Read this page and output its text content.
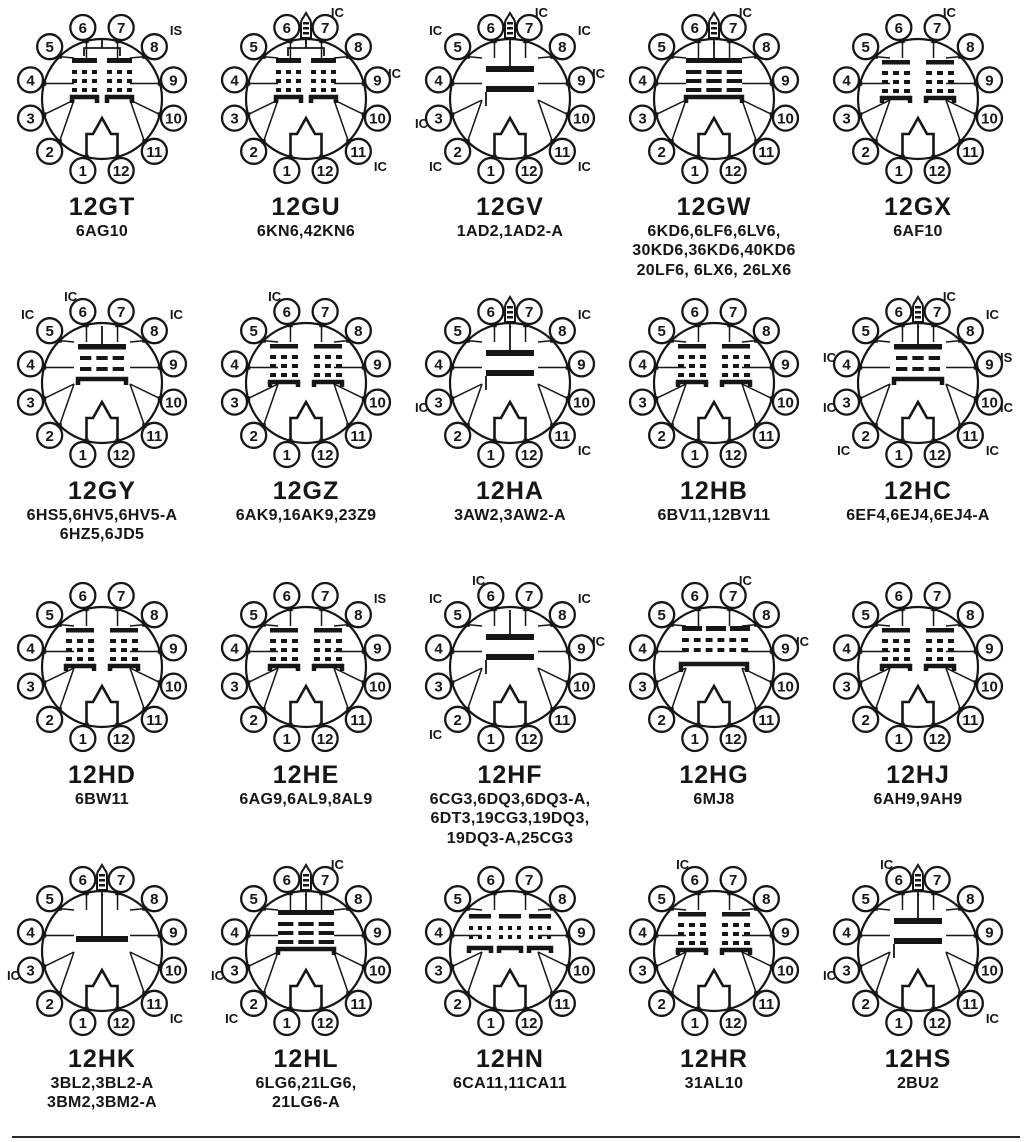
1
2
3
4
5
6 7
8
9
10
11
12
IS
12GT
6AG10
1
2
3
4
5
6 7
8
9
10
11
12
IC
IC
IC
12GU
6KN6,42KN6
1
2
3
4
5
6 7
8
9
10
11
12
IC
IC
IC
IC
IC
IC
IC
12GV
1AD2,1AD2-A
1
2
3
4
5
6 7
8
9
10
11
12
IC
12GW
6KD6,6LF6,6LV6,
30KD6,36KD6,40KD6
20LF6, 6LX6, 26LX6
1
2
3
4
5
6 7
8
9
10
11
12
IC
12GX
6AF10
1
2
3
4
5
6 7
8
9
10
11
12
IC
IC
IC
12GY
6HS5,6HV5,6HV5-A
6HZ5,6JD5
1
2
3
4
5
6 7
8
9
10
11
12
IC
12GZ
6AK9,16AK9,23Z9
1
2
3
4
5
6 7
8
9
10
11
12
IC
IC
IC
12HA
3AW2,3AW2-A
1
2
3
4
5
6 7
8
9
10
11
12
12HB
6BV11,12BV11
1
2
3
4
5
6 7
8
9
10
11
12
IC
IC
IC
IC
IC
IS
IC
IC
12HC
6EF4,6EJ4,6EJ4-A
1
2
3
4
5
6 7
8
9
10
11
12
12HD
6BW11
1
2
3
4
5
6 7
8
9
10
11
12
IS
12HE
6AG9,6AL9,8AL9
1
2
3
4
5
6 7
8
9
10
11
12
IC
IC
IC
IC
IC
12HF
6CG3,6DQ3,6DQ3-A,
6DT3,19CG3,19DQ3,
19DQ3-A,25CG3
1
2
3
4
5
6 7
8
9
10
11
12
IC
IC
12HG
6MJ8
1
2
3
4
5
6 7
8
9
10
11
12
12HJ
6AH9,9AH9
1
2
3
4
5
6 7
8
9
10
11
12
IC
IC
12HK
3BL2,3BL2-A
3BM2,3BM2-A
1
2
3
4
5
6 7
8
9
10
11
12
IC
IC
IC
12HL
6LG6,21LG6,
21LG6-A
1
2
3
4
5
6 7
8
9
10
11
12
12HN
6CA11,11CA11
1
2
3
4
5
6 7
8
9
10
11
12
IC
12HR
31AL10
1
2
3
4
5
6 7
8
9
10
11
12
IC
IC
IC
12HS
2BU2
